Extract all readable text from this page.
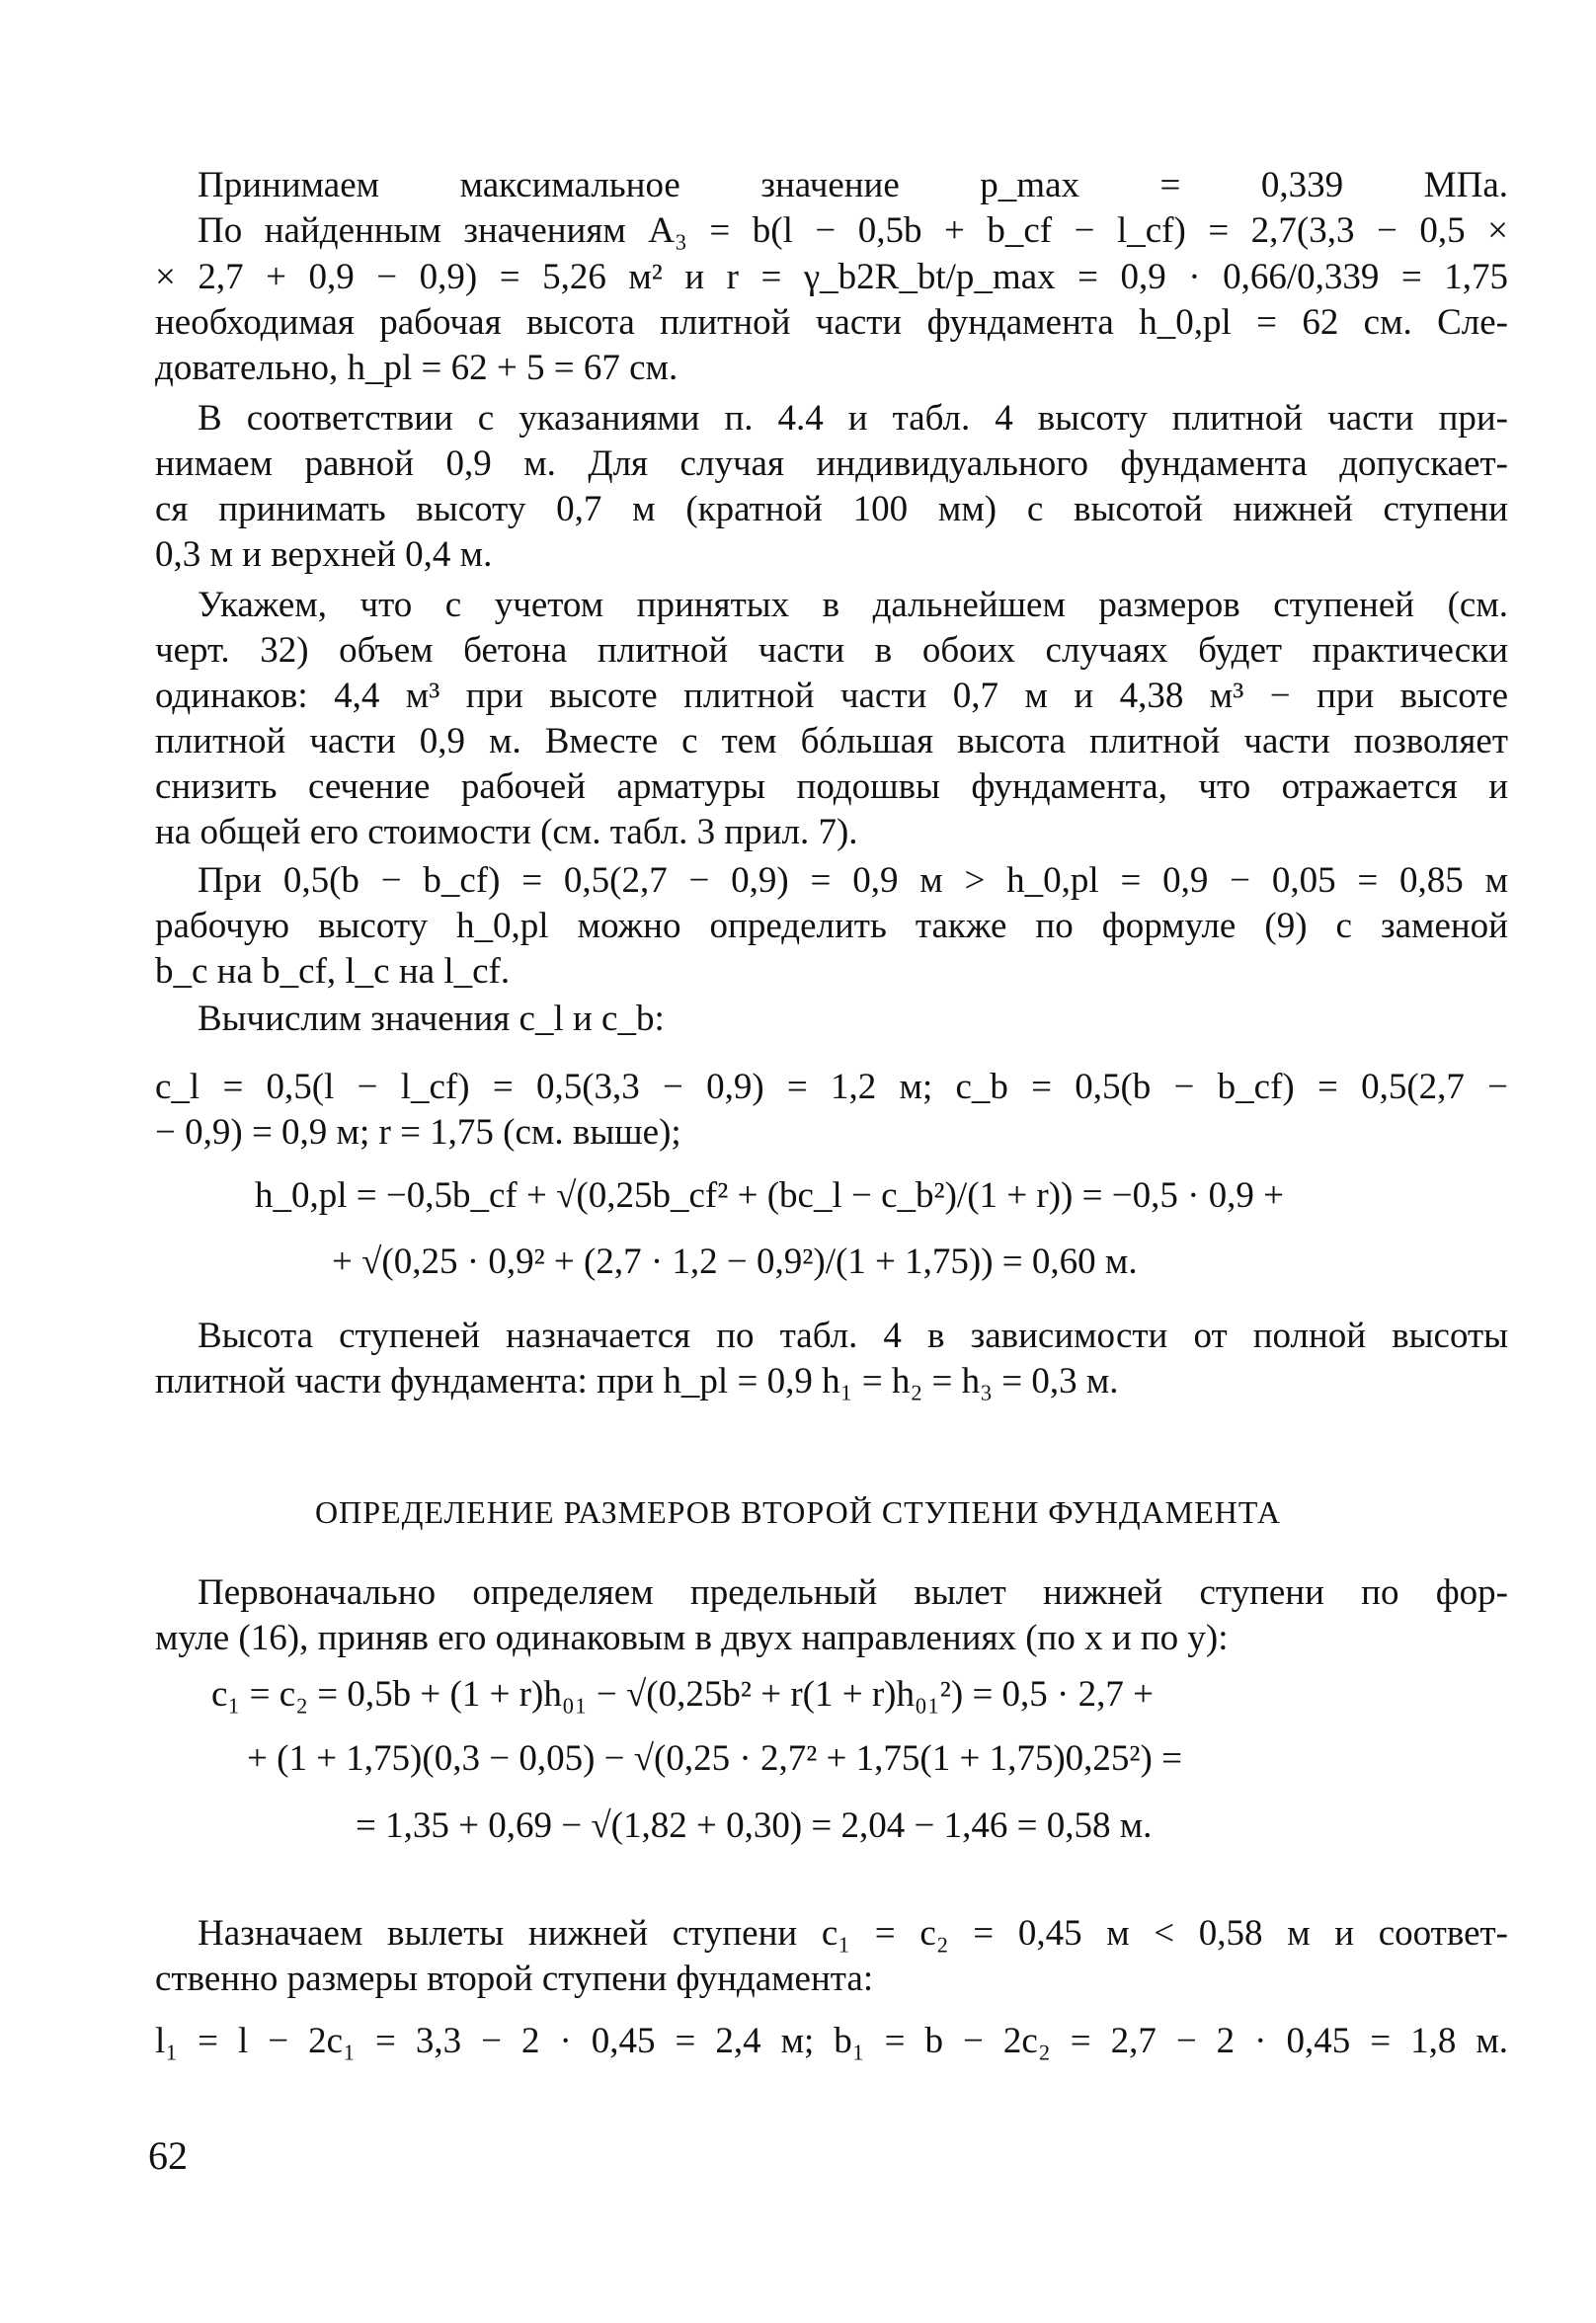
Принимаем максимальное значение p_max = 0,339 МПа.
По найденным значениям A₃ = b(l − 0,5b + b_cf − l_cf) = 2,7(3,3 − 0,5 ×
× 2,7 + 0,9 − 0,9) = 5,26 м² и r = γ_b2R_bt/p_max = 0,9 · 0,66/0,339 = 1,75
необходимая рабочая высота плитной части фундамента h_0,pl = 62 см. Сле-
довательно, h_pl = 62 + 5 = 67 см.
В соответствии с указаниями п. 4.4 и табл. 4 высоту плитной части при-
нимаем равной 0,9 м. Для случая индивидуального фундамента допускает-
ся принимать высоту 0,7 м (кратной 100 мм) с высотой нижней ступени
0,3 м и верхней 0,4 м.
Укажем, что с учетом принятых в дальнейшем размеров ступеней (см.
черт. 32) объем бетона плитной части в обоих случаях будет практически
одинаков: 4,4 м³ при высоте плитной части 0,7 м и 4,38 м³ − при высоте
плитной части 0,9 м. Вместе с тем бóльшая высота плитной части позволяет
снизить сечение рабочей арматуры подошвы фундамента, что отражается и
на общей его стоимости (см. табл. 3 прил. 7).
При 0,5(b − b_cf) = 0,5(2,7 − 0,9) = 0,9 м > h_0,pl = 0,9 − 0,05 = 0,85 м
рабочую высоту h_0,pl можно определить также по формуле (9) с заменой
b_c на b_cf, l_c на l_cf.
Вычислим значения c_l и c_b:
c_l = 0,5(l − l_cf) = 0,5(3,3 − 0,9) = 1,2 м; c_b = 0,5(b − b_cf) = 0,5(2,7 −
− 0,9) = 0,9 м; r = 1,75 (см. выше);
h_0,pl = −0,5b_cf + √(0,25b_cf² + (bc_l − c_b²)/(1 + r)) = −0,5 · 0,9 +
+ √(0,25 · 0,9² + (2,7 · 1,2 − 0,9²)/(1 + 1,75)) = 0,60 м.
Высота ступеней назначается по табл. 4 в зависимости от полной высоты
плитной части фундамента: при h_pl = 0,9 h₁ = h₂ = h₃ = 0,3 м.
ОПРЕДЕЛЕНИЕ РАЗМЕРОВ ВТОРОЙ СТУПЕНИ ФУНДАМЕНТА
Первоначально определяем предельный вылет нижней ступени по фор-
муле (16), приняв его одинаковым в двух направлениях (по x и по y):
c₁ = c₂ = 0,5b + (1 + r)h₀₁ − √(0,25b² + r(1 + r)h₀₁²) = 0,5 · 2,7 +
+ (1 + 1,75)(0,3 − 0,05) − √(0,25 · 2,7² + 1,75(1 + 1,75)0,25²) =
= 1,35 + 0,69 − √(1,82 + 0,30) = 2,04 − 1,46 = 0,58 м.
Назначаем вылеты нижней ступени c₁ = c₂ = 0,45 м < 0,58 м и соответ-
ственно размеры второй ступени фундамента:
l₁ = l − 2c₁ = 3,3 − 2 · 0,45 = 2,4 м; b₁ = b − 2c₂ = 2,7 − 2 · 0,45 = 1,8 м.
62
